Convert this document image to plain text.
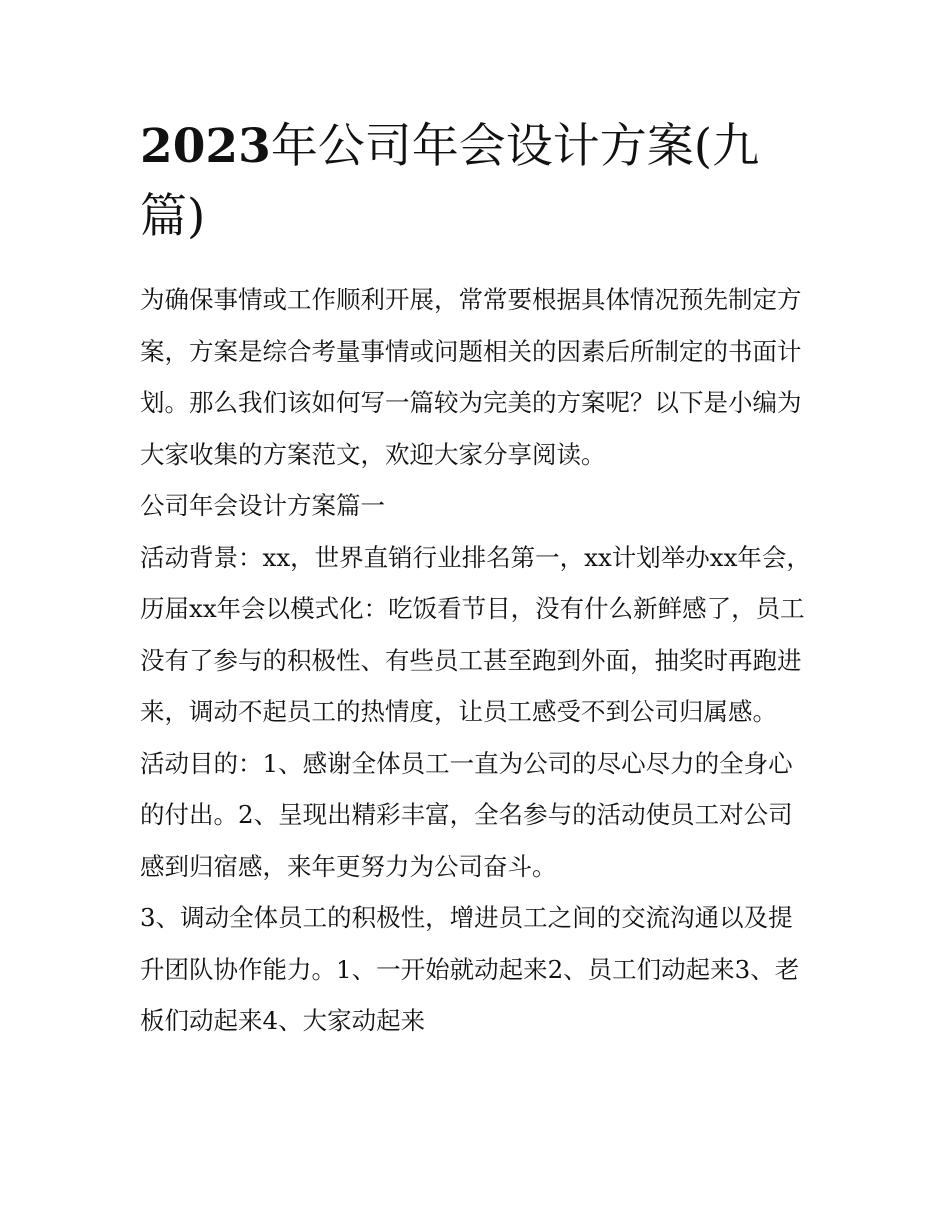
2023年公司年会设计方案(九篇)

为确保事情或工作顺利开展，常常要根据具体情况预先制定方案，方案是综合考量事情或问题相关的因素后所制定的书面计划。那么我们该如何写一篇较为完美的方案呢？以下是小编为大家收集的方案范文，欢迎大家分享阅读。

公司年会设计方案篇一

活动背景：xx，世界直销行业排名第一，xx计划举办xx年会，历届xx年会以模式化：吃饭看节目，没有什么新鲜感了，员工没有了参与的积极性、有些员工甚至跑到外面，抽奖时再跑进来，调动不起员工的热情度，让员工感受不到公司归属感。

活动目的：1、感谢全体员工一直为公司的尽心尽力的全身心的付出。2、呈现出精彩丰富，全名参与的活动使员工对公司感到归宿感，来年更努力为公司奋斗。

3、调动全体员工的积极性，增进员工之间的交流沟通以及提升团队协作能力。1、一开始就动起来2、员工们动起来3、老板们动起来4、大家动起来
